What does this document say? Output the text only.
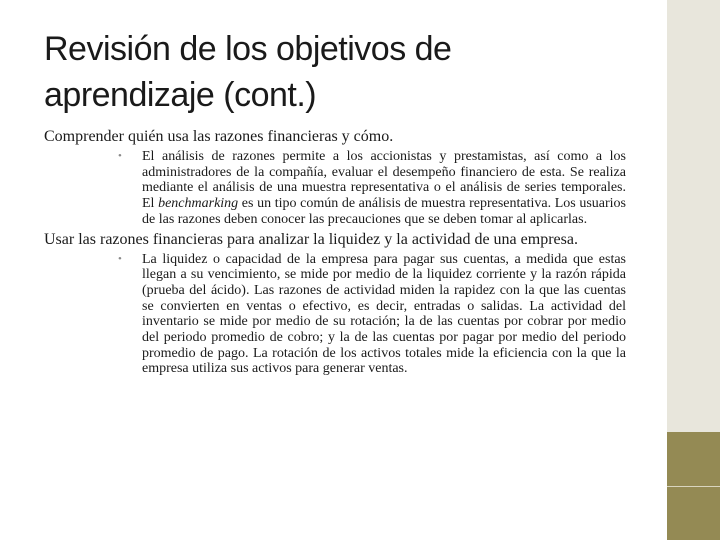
Revisión de los objetivos de
aprendizaje (cont.)

Comprender quién usa las razones financieras y cómo.

• El análisis de razones permite a los accionistas y prestamistas, así como a los administradores de la compañía, evaluar el desempeño financiero de esta. Se realiza mediante el análisis de una muestra representativa o el análisis de series temporales. El benchmarking es un tipo común de análisis de muestra representativa. Los usuarios de las razones deben conocer las precauciones que se deben tomar al aplicarlas.

Usar las razones financieras para analizar la liquidez y la actividad de una empresa.

• La liquidez o capacidad de la empresa para pagar sus cuentas, a medida que estas llegan a su vencimiento, se mide por medio de la liquidez corriente y la razón rápida (prueba del ácido). Las razones de actividad miden la rapidez con la que las cuentas se convierten en ventas o efectivo, es decir, entradas o salidas. La actividad del inventario se mide por medio de su rotación; la de las cuentas por cobrar por medio del periodo promedio de cobro; y la de las cuentas por pagar por medio del periodo promedio de pago. La rotación de los activos totales mide la eficiencia con la que la empresa utiliza sus activos para generar ventas.
